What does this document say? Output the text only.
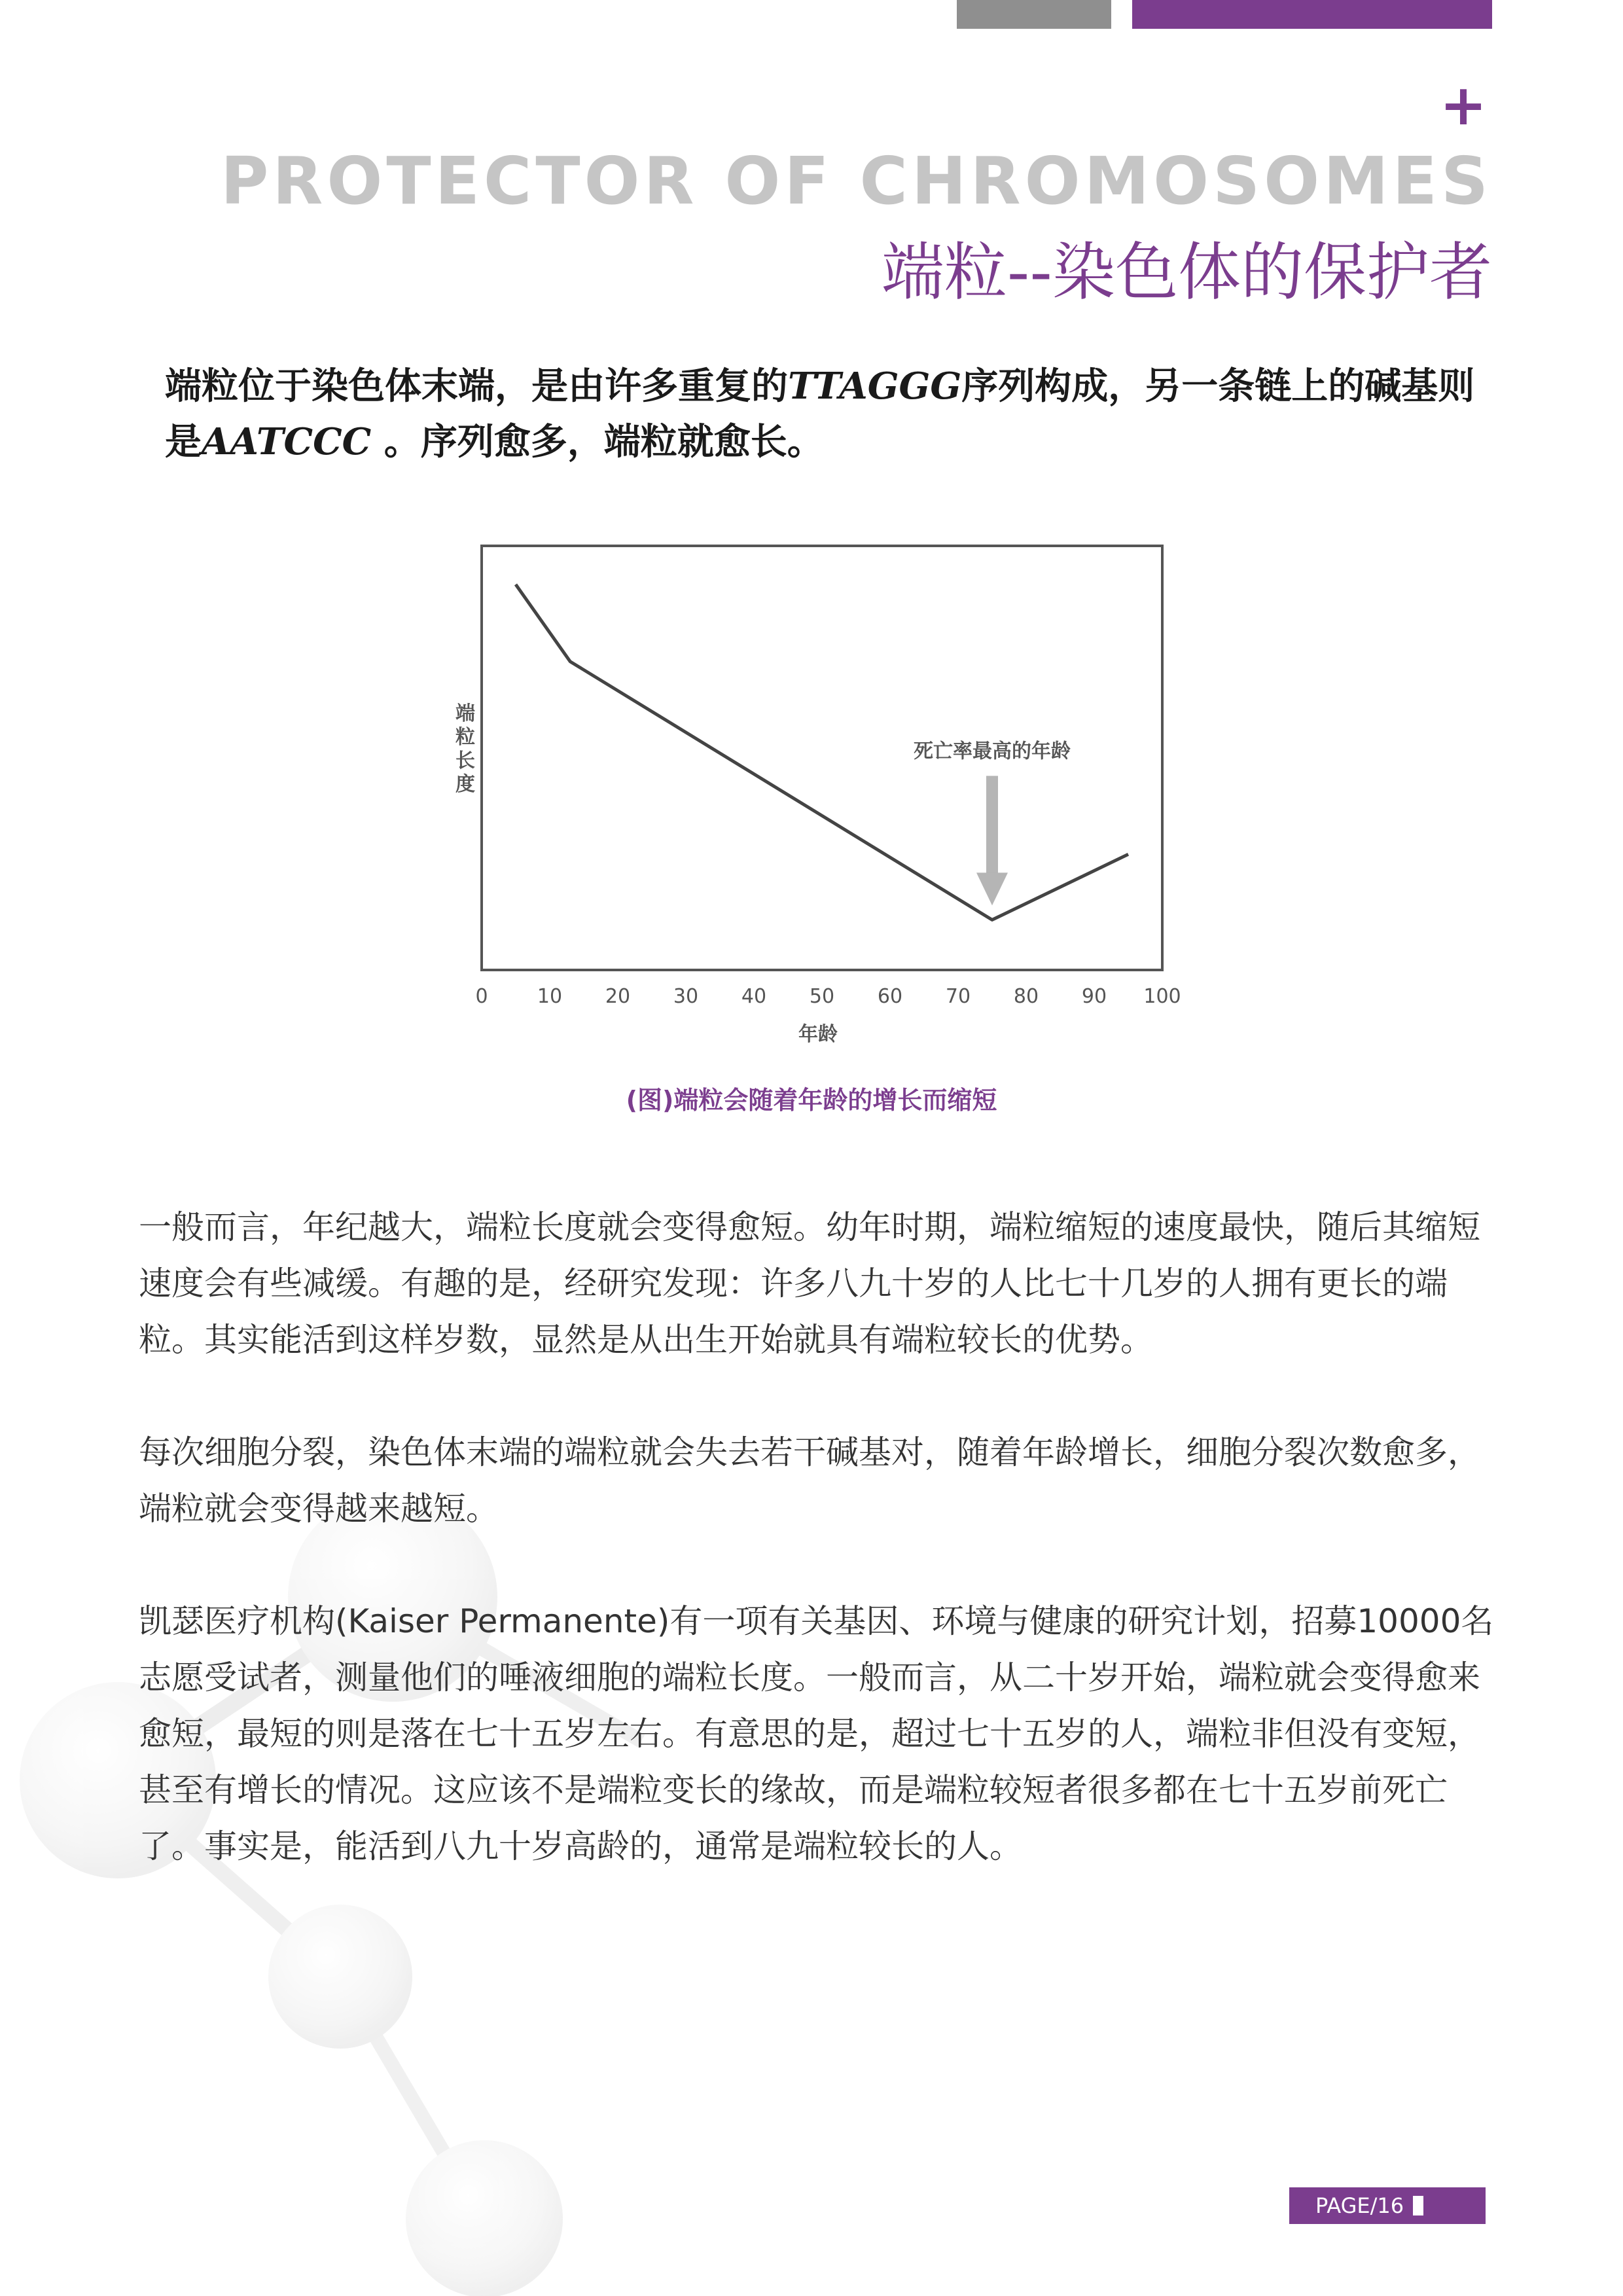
+
PROTECTOR OF CHROMOSOMES
端粒--染色体的保护者
端粒位于染色体末端，是由许多重复的TTAGGG序列构成，另一条链上的碱基则是AATCCC 。序列愈多，端粒就愈长。
0	10 20 30 40 50 60 70 80 90 100
死亡率最高的年龄
端粒长度
年龄
(图)端粒会随着年龄的增长而缩短
一般而言，年纪越大，端粒长度就会变得愈短。幼年时期，端粒缩短的速度最快，随后其缩短速度会有些减缓。有趣的是，经研究发现：许多八九十岁的人比七十几岁的人拥有更长的端粒。其实能活到这样岁数，显然是从出生开始就具有端粒较长的优势。
每次细胞分裂，染色体末端的端粒就会失去若干碱基对，随着年龄增长，细胞分裂次数愈多， 端粒就会变得越来越短。
凯瑟医疗机构(Kaiser Permanente)有一项有关基因、环境与健康的研究计划，招募10000名志愿受试者，测量他们的唾液细胞的端粒长度。一般而言，从二十岁开始，端粒就会变得愈来愈短，最短的则是落在七十五岁左右。有意思的是，超过七十五岁的人，端粒非但没有变短，甚至有增长的情况。这应该不是端粒变长的缘故，而是端粒较短者很多都在七十五岁前死亡了。事实是，能活到八九十岁高龄的，通常是端粒较长的人。
PAGE/16
